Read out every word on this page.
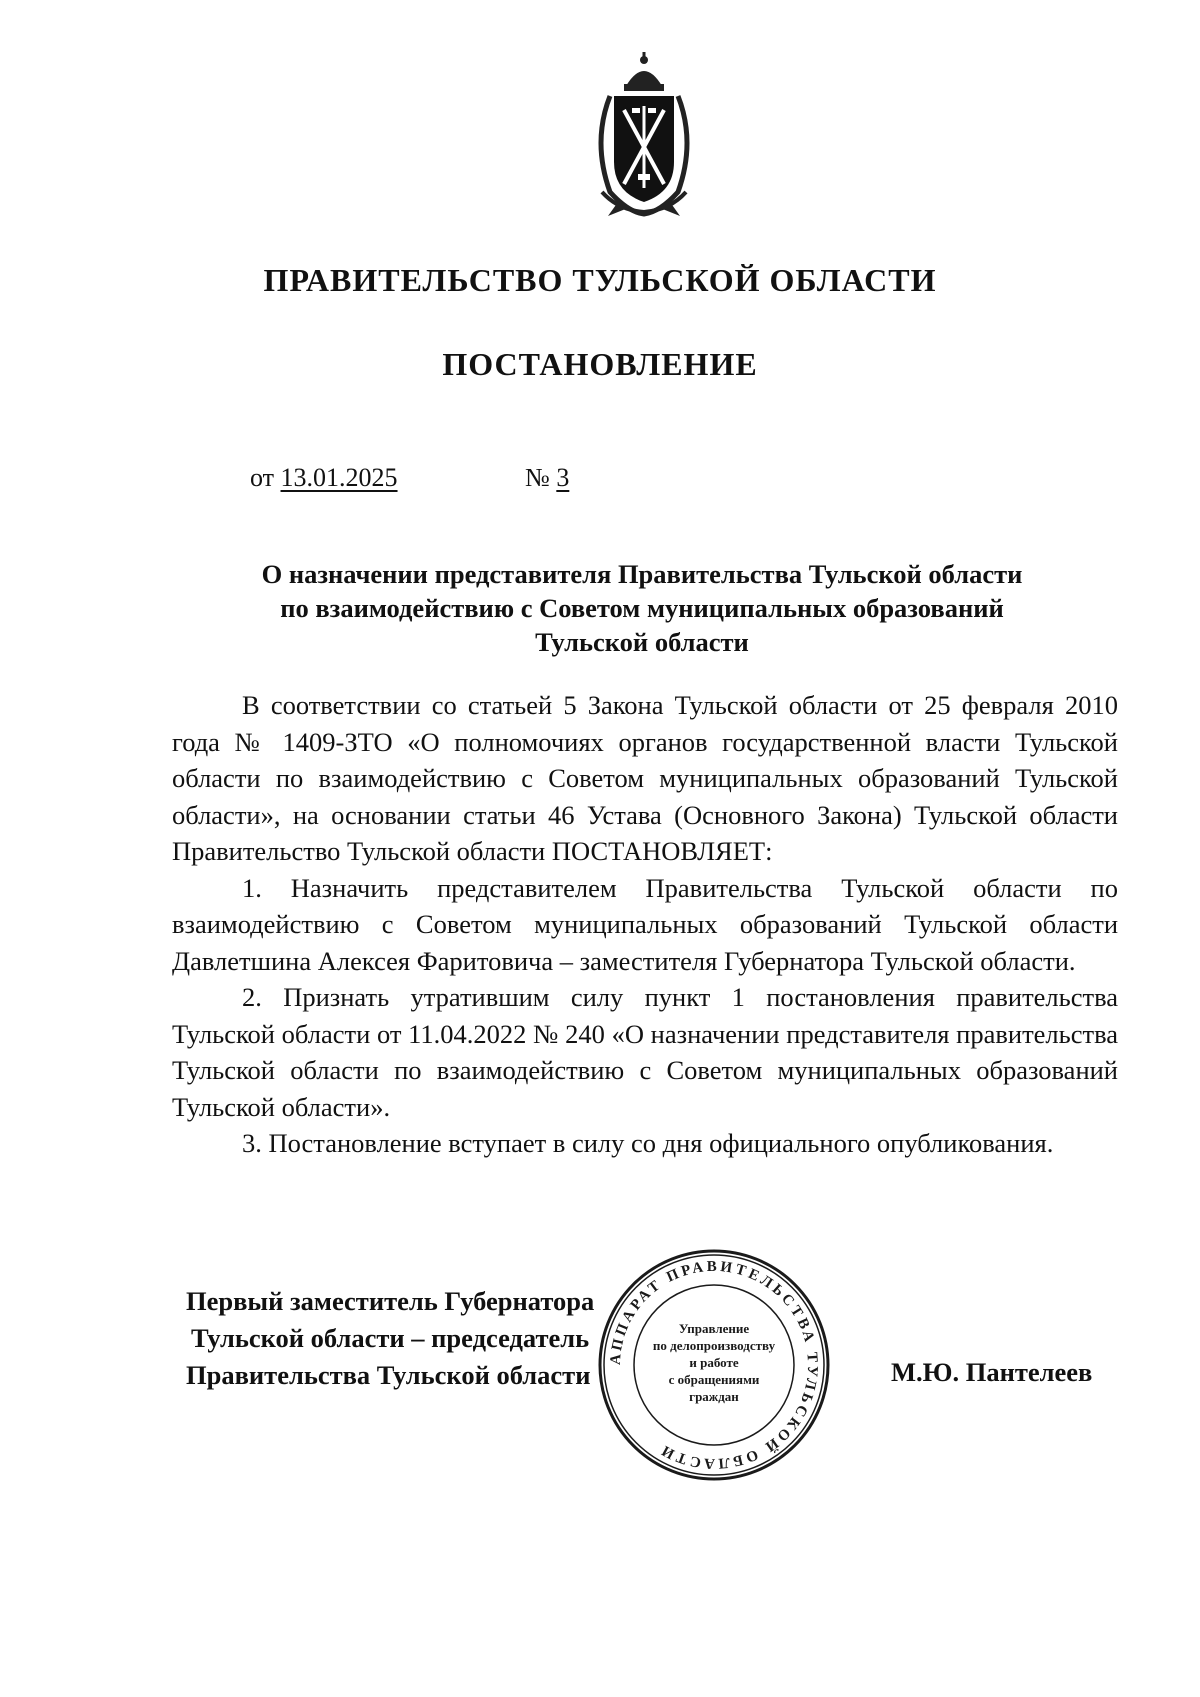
ПРАВИТЕЛЬСТВО ТУЛЬСКОЙ ОБЛАСТИ
ПОСТАНОВЛЕНИЕ
от 13.01.2025	№ 3
О назначении представителя Правительства Тульской области
по взаимодействию с Советом муниципальных образований
Тульской области

В соответствии со статьей 5 Закона Тульской области от 25 февраля 2010 года № 1409-ЗТО «О полномочиях органов государственной власти Тульской области по взаимодействию с Советом муниципальных образований Тульской области», на основании статьи 46 Устава (Основного Закона) Тульской области Правительство Тульской области ПОСТАНОВЛЯЕТ:

1. Назначить представителем Правительства Тульской области по взаимодействию с Советом муниципальных образований Тульской области Давлетшина Алексея Фаритовича – заместителя Губернатора Тульской области.

2. Признать утратившим силу пункт 1 постановления правительства Тульской области от 11.04.2022 № 240 «О назначении представителя правительства Тульской области по взаимодействию с Советом муниципальных образований Тульской области».

3. Постановление вступает в силу со дня официального опубликования.

Первый заместитель Губернатора
Тульской области – председатель
Правительства Тульской области
АППАРАТ ПРАВИТЕЛЬСТВА ТУЛЬСКОЙ ОБЛАСТИ
Управление
по делопроизводству
и работе
с обращениями
граждан
М.Ю. Пантелеев
